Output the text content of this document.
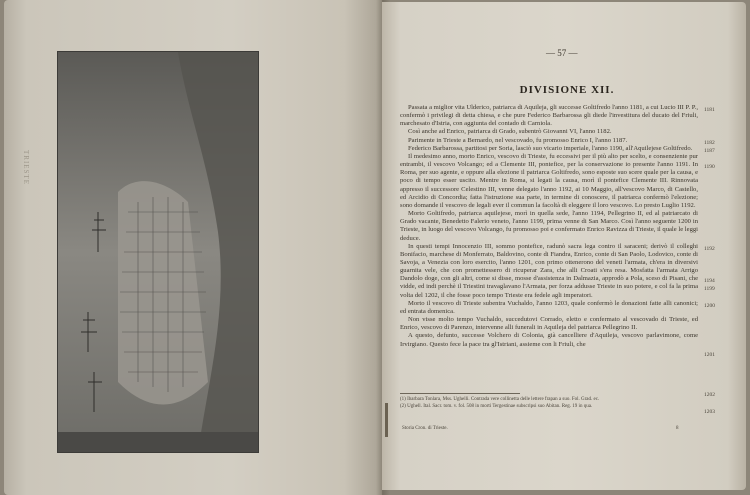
TRIESTE
— 57 —
DIVISIONE XII.

Passata a miglior vita Ulderico, patriarca di Aquileja, gli successe Goltifredo l'anno 1181, a cui Lucio III P. P., confermò i privilegi di detta chiesa, e che pure Federico Barbarossa gli diede l'investitura del ducato del Friuli, marchesato d'Istria, con aggiunta del contado di Carniola.

Così anche ad Enrico, patriarca di Grado, subentrò Giovanni VI, l'anno 1182.

Parimente in Trieste a Bernardo, nel vescovado, fu promosso Enrico I, l'anno 1187.

Federico Barbarossa, partitosi per Soria, lasciò suo vicario imperiale, l'anno 1190, all'Aquilejese Goltifredo.

Il medesimo anno, morto Enrico, vescovo di Trieste, fu eccessivi per il più alto per scelto, e consenziente pur entrambi, il vescovo Volcango; ed a Clemente III, pontefice, per la conservazione io presente l'anno 1191. In Roma, per suo agente, e oppure alla elezione il patriarca Goltifredo, sono esposte suo scere quale per la causa, e poco di tempo esser uscito. Mentre in Roma, si legati la causa, morì il pontefice Clemente III. Rinnovata appresso il successore Celestino III, venne delegato l'anno 1192, ai 10 Maggio, all'vescovo Marco, di Castello, ed Arcidio di Concordia; fatta l'istruzione sua parte, in termine di conoscere, il patriarca confermò l'elezione; sono domande il vescovo de legali ever il commun la facoltà di eleggere il loro vescovo. Lo presto Luglio 1192.

Morto Goltifredo, patriarca aquilejese, morì in quella sede, l'anno 1194, Pellegrino II, ed al patriarcato di Grado vacante, Benedetto Falerio veneto, l'anno 1199, prima venne di San Marco. Così l'anno seguente 1200 in Trieste, in luogo del vescovo Volcango, fu promosso poi e confermato Enrico Ravizza di Trieste, il quale le leggi deduce.

In questi tempi Innocenzio III, sommo pontefice, radunò sacra lega contro il saraceni; derivò il colleghi Bonifacio, marchese di Monferrato, Baldovino, conte di Fiandra, Enrico, conte di San Paolo, Lodovico, conte di Savoja, a Venezia con loro esercito, l'anno 1201, con primo ottenerono del veneti l'armata, ch'era in diversivi guarnita vele, che con promettessero di ricuperar Zara, che alli Croati s'era resa. Mosfatta l'armata Arrigo Dandolo doge, con gli altri, come si disse, mosse d'assistenza in Dalmazia, approdò a Pola, sceso di Pisani, che vidde, ed indi perchè il Triestini travaglavano l'Armata, per forza addusse Trieste in suo potere, e col fa la prima volta del 1202, il che fosse poco tempo Trieste era fedele agli imperatori.

Morto il vescovo di Trieste subentra Vuchaldo, l'anno 1203, quale confermò le donazioni fatte alli canonici; ed entrata domenica.

Non visse molto tempo Vuchaldo, succedutovi Corrado, eletto e confermato al vescovado di Trieste, ed Enrico, vescovo di Parenzo, intervenne alli funerali in Aquileja del patriarca Pellegrino II.

A questo, defunto, successe Volchero di Colonia, già cancelliere d'Aquileja, vescovo parlavimone, come Irvirgiano. Questo fece la pace tra gl'Istriani, assieme con li Friuli, che

1181

1182
1187

1190

1192

1194
1199

1200

1201

1202

1203
(1) Ibarbara Tonlara, Mss. Ughelli. Contrada vere collinetta delle lettere frapan a suo. Fol. Grad. ec.
(2) Ughell. Ital. Sacr. tom. v. fol. 508 in morti Tergestinae subscripsi suo Abitan. Reg. 19 in qua.
Storia Cron. di Trieste.	8
